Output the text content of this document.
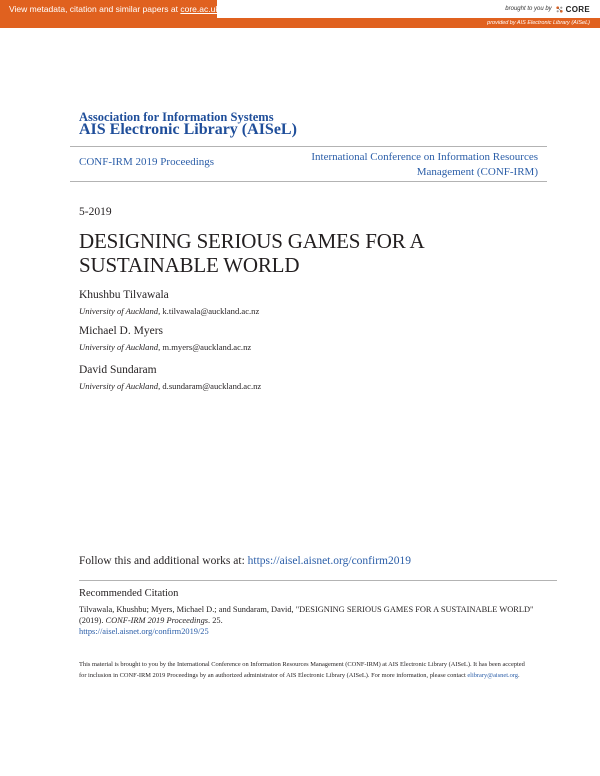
View metadata, citation and similar papers at core.ac.uk	brought to you by CORE
provided by AIS Electronic Library (AISeL)
Association for Information Systems
AIS Electronic Library (AISeL)
CONF-IRM 2019 Proceedings	International Conference on Information Resources
Management (CONF-IRM)
5-2019
DESIGNING SERIOUS GAMES FOR A
SUSTAINABLE WORLD
Khushbu Tilvawala
University of Auckland, k.tilvawala@auckland.ac.nz
Michael D. Myers
University of Auckland, m.myers@auckland.ac.nz
David Sundaram
University of Auckland, d.sundaram@auckland.ac.nz
Follow this and additional works at: https://aisel.aisnet.org/confirm2019
Recommended Citation
Tilvawala, Khushbu; Myers, Michael D.; and Sundaram, David, "DESIGNING SERIOUS GAMES FOR A SUSTAINABLE WORLD" (2019). CONF-IRM 2019 Proceedings. 25.
https://aisel.aisnet.org/confirm2019/25
This material is brought to you by the International Conference on Information Resources Management (CONF-IRM) at AIS Electronic Library (AISeL). It has been accepted for inclusion in CONF-IRM 2019 Proceedings by an authorized administrator of AIS Electronic Library (AISeL). For more information, please contact elibrary@aisnet.org.
